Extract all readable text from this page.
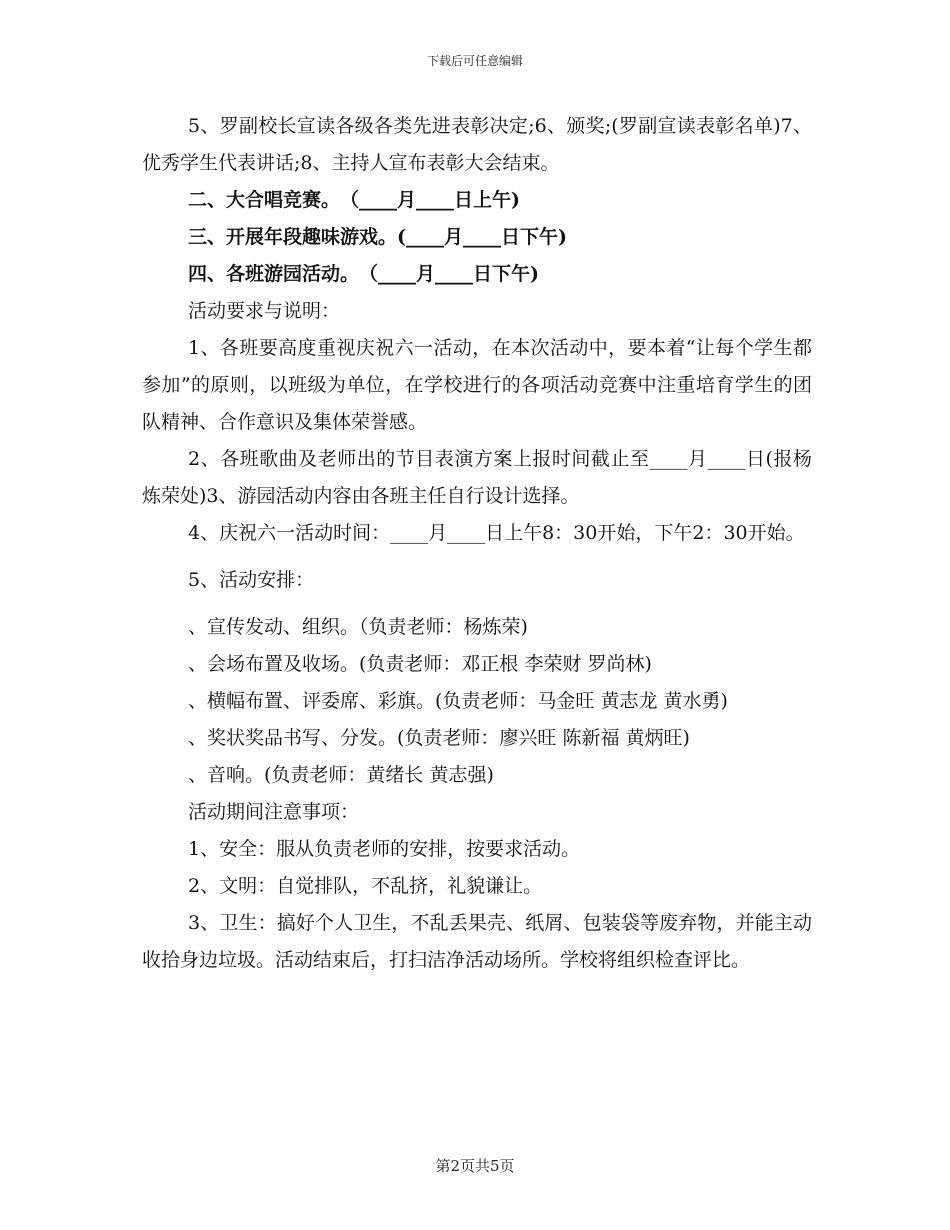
下载后可任意编辑

5、罗副校长宣读各级各类先进表彰决定;6、颁奖;(罗副宣读表彰名单)7、优秀学生代表讲话;8、主持人宣布表彰大会结束。

二、大合唱竞赛。　（____月____日上午)

三、开展年段趣味游戏。(____月____日下午)

四、各班游园活动。　（____月____日下午)

活动要求与说明：

1、各班要高度重视庆祝六一活动，在本次活动中，要本着“让每个学生都参加”的原则，以班级为单位，在学校进行的各项活动竞赛中注重培育学生的团队精神、合作意识及集体荣誉感。

2、各班歌曲及老师出的节目表演方案上报时间截止至____月____日(报杨炼荣处)3、游园活动内容由各班主任自行设计选择。

4、庆祝六一活动时间：____月____日上午8：30开始，下午2：30开始。

5、活动安排：

、宣传发动、组织。（负责老师：杨炼荣)

、会场布置及收场。(负责老师：邓正根 李荣财 罗尚林)

、横幅布置、评委席、彩旗。(负责老师：马金旺 黄志龙 黄水勇)

、奖状奖品书写、分发。(负责老师：廖兴旺 陈新福 黄炳旺)

、音响。(负责老师：黄绪长 黄志强)

活动期间注意事项：

1、安全：服从负责老师的安排，按要求活动。

2、文明：自觉排队，不乱挤，礼貌谦让。

3、卫生：搞好个人卫生，不乱丢果壳、纸屑、包装袋等废弃物，并能主动收拾身边垃圾。活动结束后，打扫洁净活动场所。学校将组织检查评比。

第2页共5页
